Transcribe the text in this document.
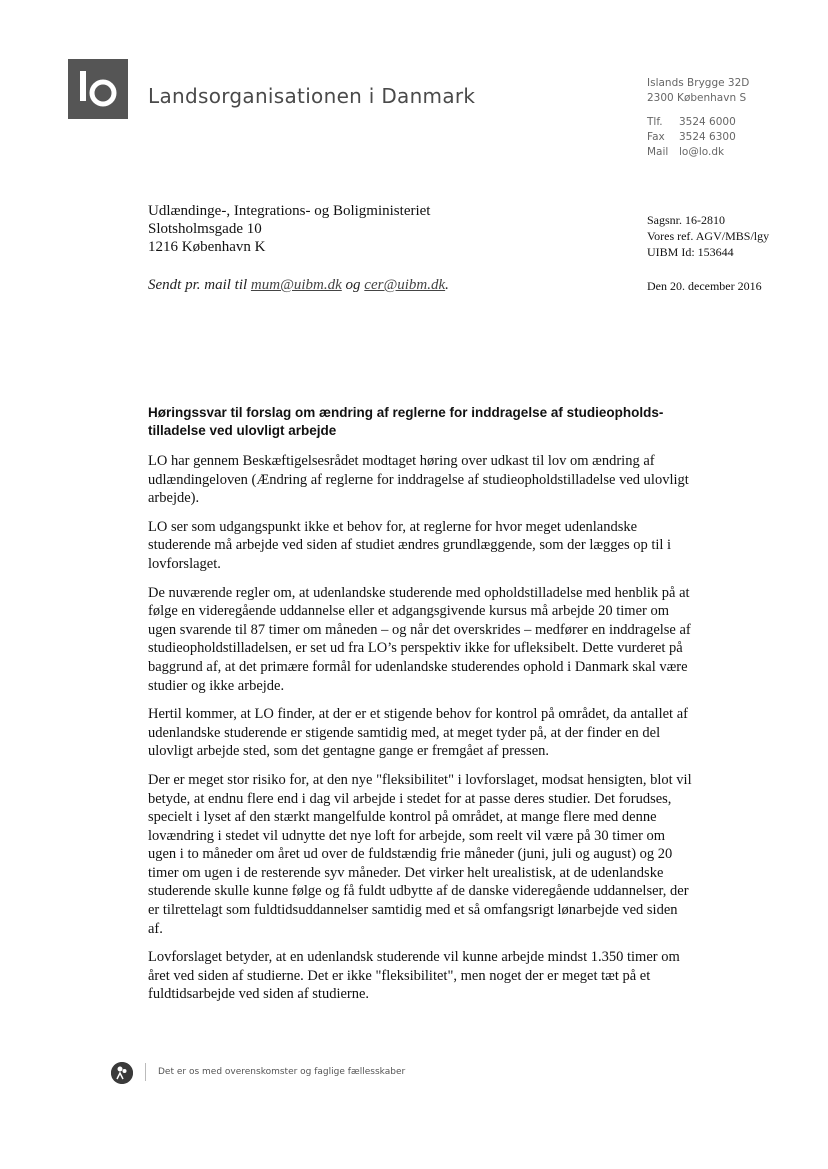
Landsorganisationen i Danmark
Islands Brygge 32D
2300 København S
Tlf. 3524 6000
Fax 3524 6300
Mail lo@lo.dk
Udlændinge-, Integrations- og Boligministeriet
Slotsholmsgade 10
1216 København K
Sendt pr. mail til mum@uibm.dk og cer@uibm.dk.
Sagsnr. 16-2810
Vores ref. AGV/MBS/lgy
UIBM Id: 153644
Den 20. december 2016
Høringssvar til forslag om ændring af reglerne for inddragelse af studieopholds-tilladelse ved ulovligt arbejde

LO har gennem Beskæftigelsesrådet modtaget høring over udkast til lov om ændring af udlændingeloven (Ændring af reglerne for inddragelse af studieopholdstilladelse ved ulovligt arbejde).

LO ser som udgangspunkt ikke et behov for, at reglerne for hvor meget udenlandske studerende må arbejde ved siden af studiet ændres grundlæggende, som der lægges op til i lovforslaget.

De nuværende regler om, at udenlandske studerende med opholdstilladelse med henblik på at følge en videregående uddannelse eller et adgangsgivende kursus må arbejde 20 timer om ugen svarende til 87 timer om måneden – og når det overskrides – medfører en inddragelse af studieopholdstilladelsen, er set ud fra LO’s perspektiv ikke for ufleksibelt. Dette vurderet på baggrund af, at det primære formål for udenlandske studerendes ophold i Danmark skal være studier og ikke arbejde.

Hertil kommer, at LO finder, at der er et stigende behov for kontrol på området, da antallet af udenlandske studerende er stigende samtidig med, at meget tyder på, at der finder en del ulovligt arbejde sted, som det gentagne gange er fremgået af pressen.

Der er meget stor risiko for, at den nye "fleksibilitet" i lovforslaget, modsat hensigten, blot vil betyde, at endnu flere end i dag vil arbejde i stedet for at passe deres studier. Det forudses, specielt i lyset af den stærkt mangelfulde kontrol på området, at mange flere med denne lovændring i stedet vil udnytte det nye loft for arbejde, som reelt vil være på 30 timer om ugen i to måneder om året ud over de fuldstændig frie måneder (juni, juli og august) og 20 timer om ugen i de resterende syv måneder. Det virker helt urealistisk, at de udenlandske studerende skulle kunne følge og få fuldt udbytte af de danske videregående uddannelser, der er tilrettelagt som fuldtidsuddannelser samtidig med et så omfangsrigt lønarbejde ved siden af.

Lovforslaget betyder, at en udenlandsk studerende vil kunne arbejde mindst 1.350 timer om året ved siden af studierne. Det er ikke "fleksibilitet", men noget der er meget tæt på et fuldtidsarbejde ved siden af studierne.

Det er os med overenskomster og faglige fællesskaber
